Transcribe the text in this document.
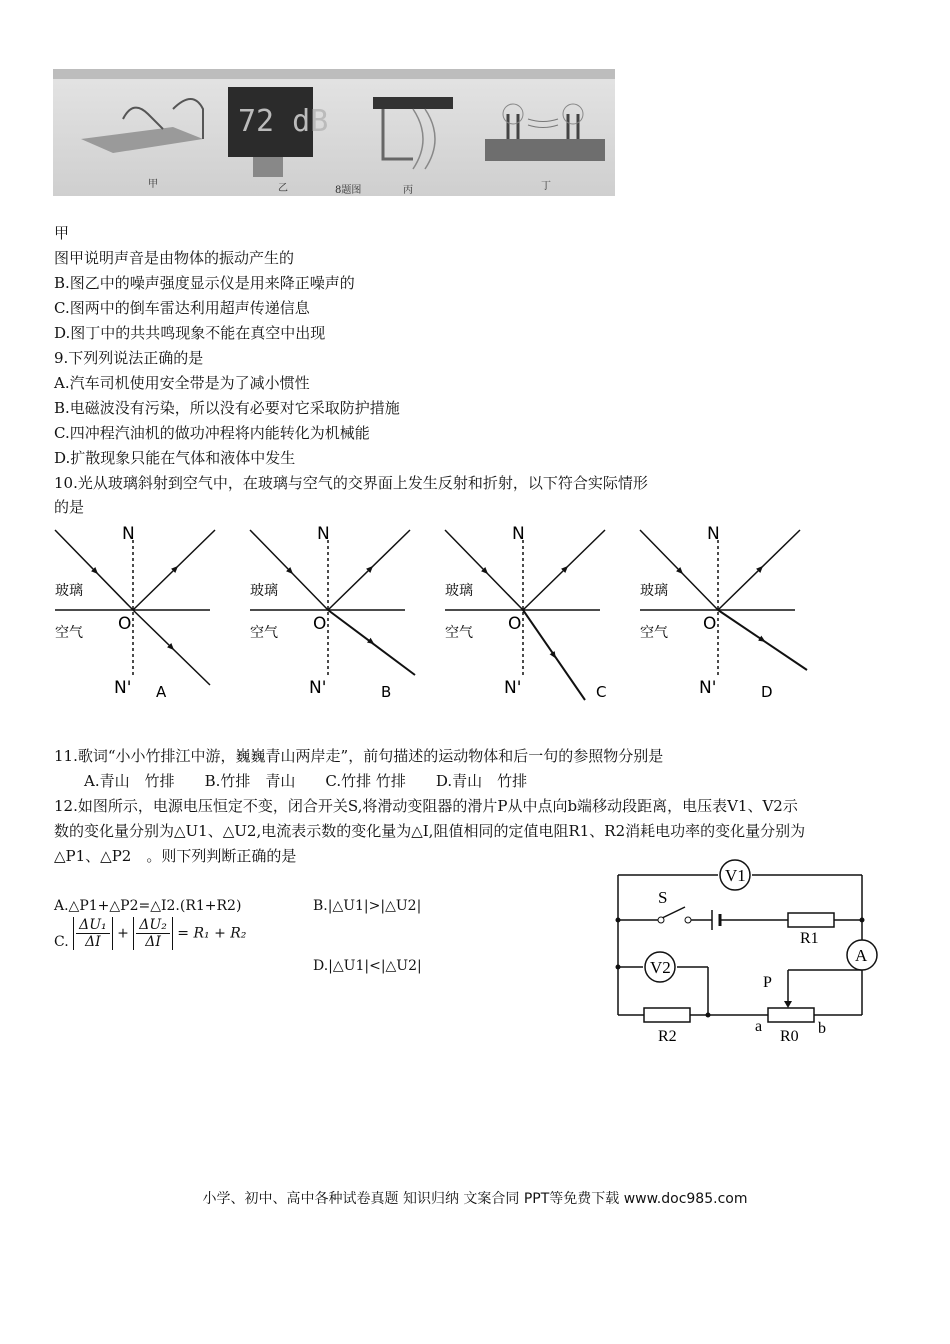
72 dB
甲	乙	8题图	丙	丁
甲
图甲说明声音是由物体的振动产生的
B.图乙中的噪声强度显示仪是用来降正噪声的
C.图两中的倒车雷达利用超声传递信息
D.图丁中的共共鸣现象不能在真空中出现
9.下列列说法正确的是
A.汽车司机使用安全带是为了减小惯性
B.电磁波没有污染，所以没有必要对它采取防护措施
C.四冲程汽油机的做功冲程将内能转化为机械能
D.扩散现象只能在气体和液体中发生
10.光从玻璃斜射到空气中，在玻璃与空气的交界面上发生反射和折射，以下符合实际情形
的是
N
N'
O
玻璃
空气
A
N
N'
O
玻璃
空气
B
N
N'
O
玻璃
空气
C
N
N'
O
玻璃
空气
D
11.歌词“小小竹排江中游，巍巍青山两岸走”，前句描述的运动物体和后一句的参照物分别是
A.青山　竹排　　B.竹排　青山　　C.竹排 竹排　　D.青山　竹排
12.如图所示，电源电压恒定不变，闭合开关S,将滑动变阻器的滑片P从中点向b端移动段距离，电压表V1、V2示
数的变化量分别为△U1、△U2,电流表示数的变化量为△I,阻值相同的定值电阻R1、R2消耗电功率的变化量分别为
△P1、△P2　。则下列判断正确的是
A.△P1+△P2=△I2.(R1+R2)	B.|△U1|>|△U2|
C. $\frac{\text{ΔU₁}}{\Delta I} + \frac{\text{ΔU₂}}{\Delta I} = R_1 + R_2$
D.|△U1|<|△U2|
V1
V2
A
S
R1
R2	R0
P
a	b
小学、初中、高中各种试卷真题 知识归纳 文案合同 PPT等免费下载 www.doc985.com
